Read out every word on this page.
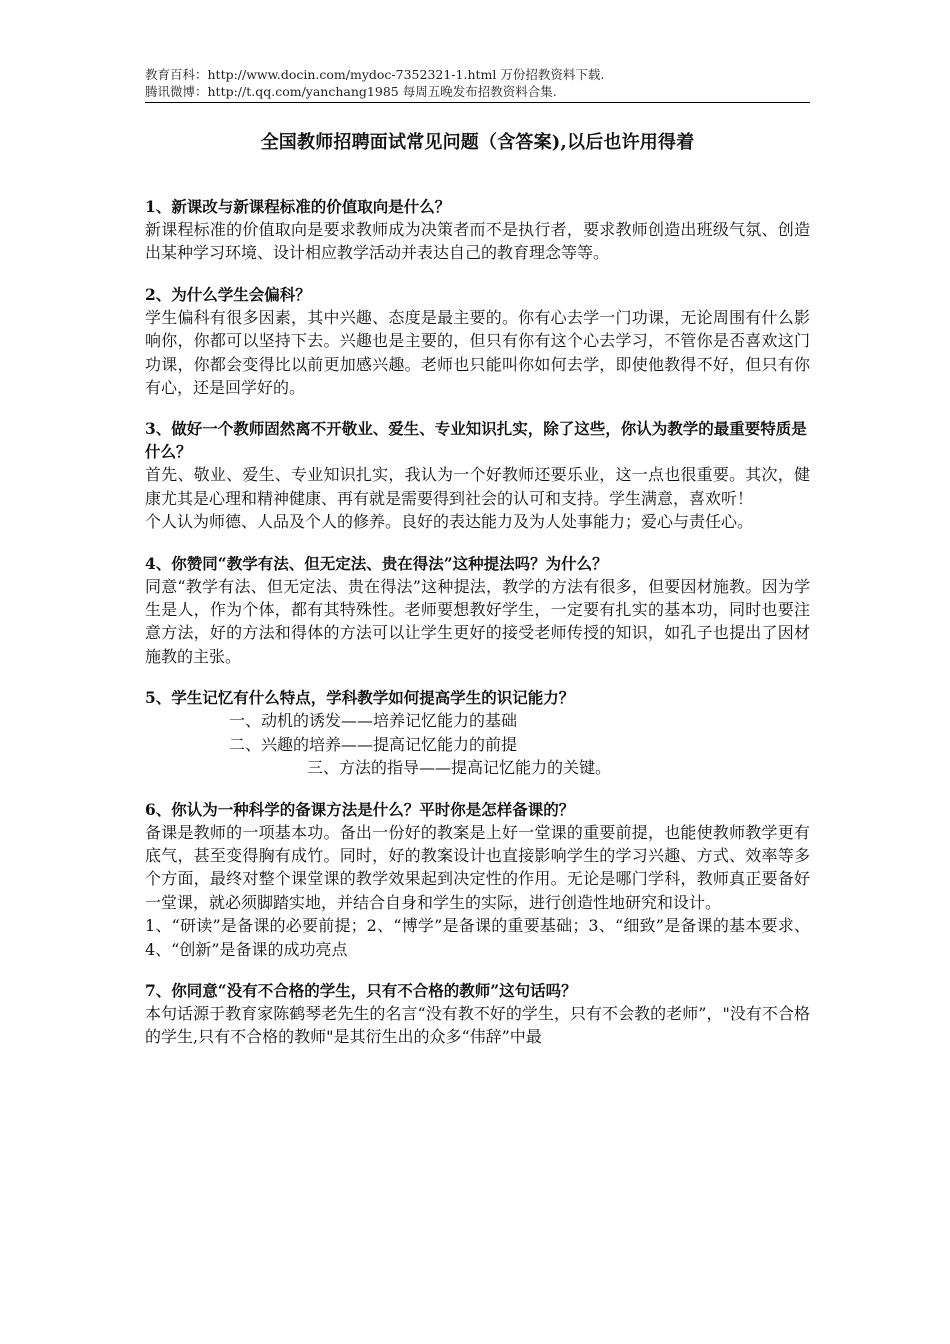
教育百科：http://www.docin.com/mydoc-7352321-1.html 万份招教资料下载.
腾讯微博：http://t.qq.com/yanchang1985 每周五晚发布招教资料合集.
全国教师招聘面试常见问题（含答案),以后也许用得着
1、新课改与新课程标准的价值取向是什么？
新课程标准的价值取向是要求教师成为决策者而不是执行者，要求教师创造出班级气氛、创造出某种学习环境、设计相应教学活动并表达自己的教育理念等等。
2、为什么学生会偏科？
学生偏科有很多因素，其中兴趣、态度是最主要的。你有心去学一门功课，无论周围有什么影响你，你都可以坚持下去。兴趣也是主要的，但只有你有这个心去学习，不管你是否喜欢这门功课，你都会变得比以前更加感兴趣。老师也只能叫你如何去学，即使他教得不好，但只有你有心，还是回学好的。
3、做好一个教师固然离不开敬业、爱生、专业知识扎实，除了这些，你认为教学的最重要特质是什么？
首先、敬业、爱生、专业知识扎实，我认为一个好教师还要乐业，这一点也很重要。其次，健康尤其是心理和精神健康、再有就是需要得到社会的认可和支持。学生满意，喜欢听！
个人认为师德、人品及个人的修养。良好的表达能力及为人处事能力；爱心与责任心。
4、你赞同“教学有法、但无定法、贵在得法”这种提法吗？为什么？
同意“教学有法、但无定法、贵在得法”这种提法，教学的方法有很多，但要因材施教。因为学生是人，作为个体，都有其特殊性。老师要想教好学生，一定要有扎实的基本功，同时也要注意方法，好的方法和得体的方法可以让学生更好的接受老师传授的知识，如孔子也提出了因材施教的主张。
5、学生记忆有什么特点，学科教学如何提高学生的识记能力？
一、动机的诱发——培养记忆能力的基础
二、兴趣的培养——提高记忆能力的前提
三、方法的指导——提高记忆能力的关键。
6、你认为一种科学的备课方法是什么？平时你是怎样备课的？
备课是教师的一项基本功。备出一份好的教案是上好一堂课的重要前提，也能使教师教学更有底气，甚至变得胸有成竹。同时，好的教案设计也直接影响学生的学习兴趣、方式、效率等多个方面，最终对整个课堂课的教学效果起到决定性的作用。无论是哪门学科，教师真正要备好一堂课，就必须脚踏实地，并结合自身和学生的实际，进行创造性地研究和设计。
1、“研读”是备课的必要前提；2、“博学”是备课的重要基础；3、“细致”是备课的基本要求、4、“创新”是备课的成功亮点
7、你同意“没有不合格的学生，只有不合格的教师”这句话吗？
本句话源于教育家陈鹤琴老先生的名言“没有教不好的学生，只有不会教的老师”，"没有不合格的学生,只有不合格的教师"是其衍生出的众多“伟辞”中最
